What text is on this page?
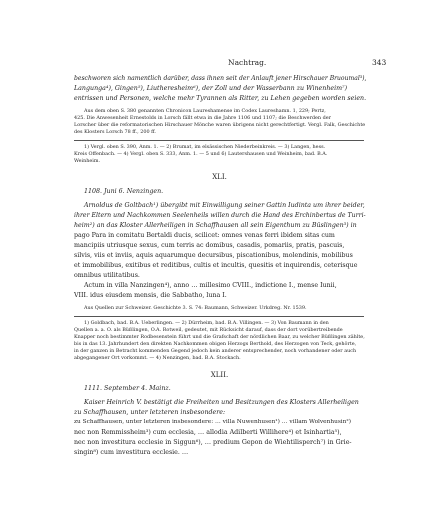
Nachtrag.	343
beschworen sich namentlich darüber, dass ihnen seit der Anlauft jener Hirschauer Bruoumal³),
Langunga⁴), Gingen⁵), Liutheresheim⁶), der Zoll und der Wasserbann zu Winenheim⁷)
entrissen und Personen, welche mehr Tyrannen als Ritter, zu Lehen gegeben worden seien.
Aus dem oben S. 380 genannten Chronicon Laureshamense im Codex Laureshamn. 1, 229; Pertz,
425. Die Anwesenheit Ernestolds in Lorsch fällt etwa in die Jahre 1106 und 1107; die Beschwerden der
Lorscher über die reformatorischen Hirschauer Mönche waren übrigens nicht gerechtfertigt. Vergl. Falk, Geschichte
des Klosters Lorsch 78 ff., 200 ff.
1) Vergl. oben S. 390, Anm. 1. — 2) Brumat, im elsässischen Niederbeinkreis. — 3) Langen, hess.
Kreis Offenbach. — 4) Vergl. oben S. 333, Anm. 1. — 5 und 6) Lautershausen und Weinheim, bad. B.A.
Weinheim.
XLI.
1108. Juni 6. Nenzingen.
Arnoldus de Goltbach¹) übergibt mit Einwilligung seiner Gattin Iudinta um ihrer beider,
ihrer Eltern und Nachkommen Seelenheils willen durch die Hand des Erchinbertus de Turri-
heim²) an das Kloster Allerheiligen in Schaffhausen all sein Eigenthum zu Büslingen³) in
pago Para in comitatu Bertaldi ducis, scilicet: omnes venas ferri ibidem sitas cum
mancipiis utriusque sexus, cum terris ac domibus, casadis, pomariis, pratis, pascuis,
silvis, viis et inviis, aquis aquarumque decursibus, piscationibus, molendinis, mobilibus
et immobilibus, exitibus et reditibus, cultis et incultis, quesitis et inquirendis, ceterisque
omnibus utilitatibus.
Actum in villa Nanzingen⁴), anno … millesimo CVIII., indictione I., mense Iunii,
VIII. idus eiusdem mensis, die Sabbatho, luna I.
Aus Quellen zur Schweizer. Geschichte 3. S. 74: Baumann, Schweizer. Urkdreg. Nr. 1539.
1) Goldbach, bad. B.A. Ueberlingen. — 2) Dürrheim, bad. B.A. Villingen. — 3) Von Baumann in den
Quellen a. a. O. als Büßlingen, O.A. Rotweil, gedeutet, mit Rücksicht darauf, dass der dort vorübertreibende
Knapper noch bestimmter Rodbesenstein führt und die Grafschaft der nördlichen Baar, zu welcher Büßlingen zählte,
bis in das 13. Jahrhundert den direkten Nachkommen obigen Herzogs Berthold, des Herzogen von Teck, gehörte,
in der ganzen in Betracht kommenden Gegend jedoch kein anderer entsprechender, noch vorhandener oder auch
abgegangener Ort vorkommt. — 4) Nenzingen, bad. B.A. Stockach.
XLII.
1111. September 4. Mainz.
Kaiser Heinrich V. bestätigt die Freiheiten und Besitzungen des Klosters Allerheiligen
zu Schaffhausen, unter letzteren insbesondere:
zu Schaffhausen, unter letzteren insbesondere: … villa Nuwenhusen¹) … villam Wolvenhusin²)
nec non Remmissheim³) cum ecclesia, … allodia Adilberti Willihere⁴) et Isinhartia⁵),
nec non investitura ecclesie in Siggun⁶), … predium Gepon de Wiehtilisperch⁷) in Grie-
singin⁸) cum investitura ecclesie. …
